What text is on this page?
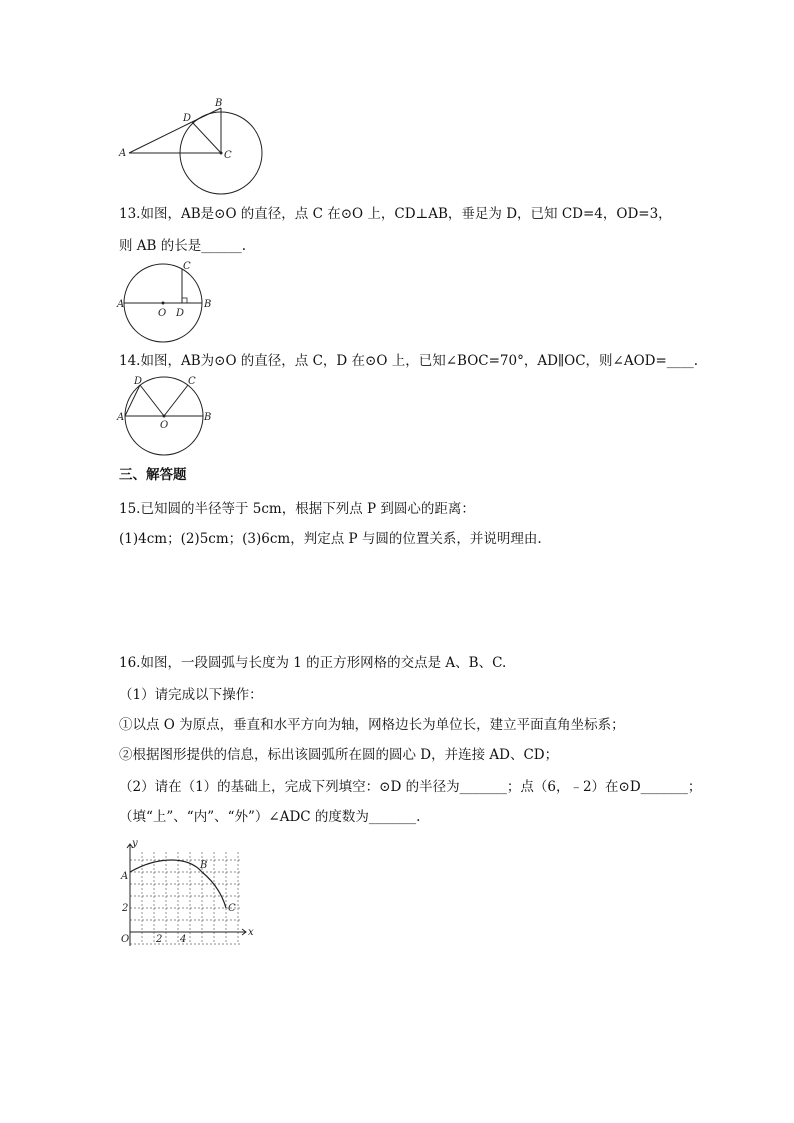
A
B
C
D
13.如图，AB是⊙O 的直径，点 C 在⊙O 上，CD⊥AB，垂足为 D，已知 CD=4，OD=3，
则 AB 的长是______.
A	B
C
D
O
14.如图，AB为⊙O 的直径，点 C，D 在⊙O 上，已知∠BOC=70°，AD∥OC，则∠AOD=____.
A	B
C
D
O
三、解答题
15.已知圆的半径等于 5cm，根据下列点 P 到圆心的距离：
(1)4cm；(2)5cm；(3)6cm，判定点 P 与圆的位置关系，并说明理由.
16.如图，一段圆弧与长度为 1 的正方形网格的交点是 A、B、C.
（1）请完成以下操作：
①以点 O 为原点，垂直和水平方向为轴，网格边长为单位长，建立平面直角坐标系；
②根据图形提供的信息，标出该圆弧所在圆的圆心 D，并连接 AD、CD；
（2）请在（1）的基础上，完成下列填空：⊙D 的半径为_______；点（6，﹣2）在⊙D_______；
（填“上”、“内”、“外”）∠ADC 的度数为_______.
y
x
O
A
B
C
2
2 4
